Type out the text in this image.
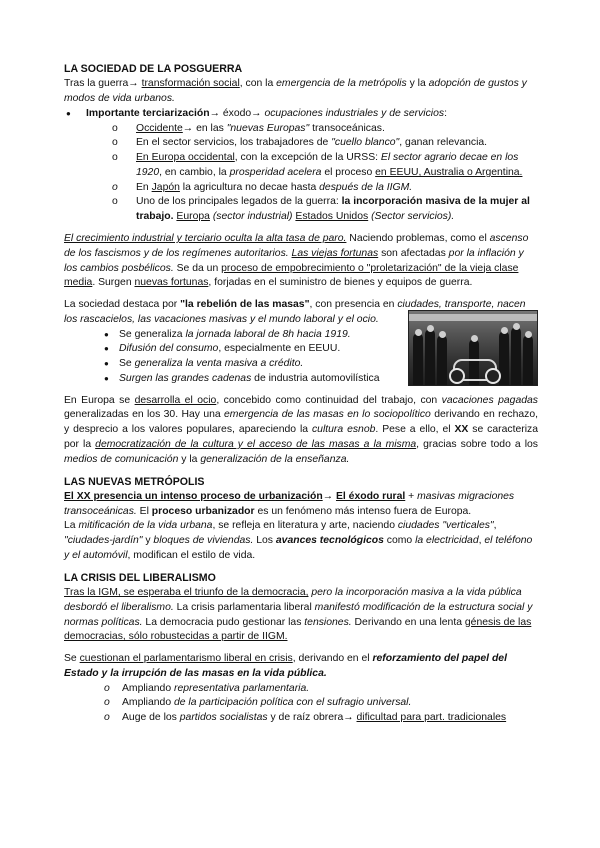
LA SOCIEDAD DE LA POSGUERRA

Tras la guerra→ transformación social, con la emergencia de la metrópolis y la adopción de gustos y modos de vida urbanos.

● Importante terciarización→ éxodo→ ocupaciones industriales y de servicios:
o Occidente→ en las "nuevas Europas" transoceánicas.
o En el sector servicios, los trabajadores de "cuello blanco", ganan relevancia.
o En Europa occidental, con la excepción de la URSS: El sector agrario decae en los 1920, en cambio, la prosperidad acelera el proceso en EEUU, Australia o Argentina.
o En Japón la agricultura no decae hasta después de la IIGM.
o Uno de los principales legados de la guerra: la incorporación masiva de la mujer al trabajo. Europa (sector industrial) Estados Unidos (Sector servicios).

El crecimiento industrial y terciario oculta la alta tasa de paro. Naciendo problemas, como el ascenso de los fascismos y de los regímenes autoritarios. Las viejas fortunas son afectadas por la inflación y los cambios posbélicos. Se da un proceso de empobrecimiento o "proletarización" de la vieja clase media. Surgen nuevas fortunas, forjadas en el suministro de bienes y equipos de guerra.

La sociedad destaca por "la rebelión de las masas", con presencia en ciudades, transporte, nacen los rascacielos, las vacaciones masivas y el mundo laboral y el ocio.

● Se generaliza la jornada laboral de 8h hacia 1919.
● Difusión del consumo, especialmente en EEUU.
● Se generaliza la venta masiva a crédito.
● Surgen las grandes cadenas de industria automovilística

En Europa se desarrolla el ocio, concebido como continuidad del trabajo, con vacaciones pagadas generalizadas en los 30. Hay una emergencia de las masas en lo sociopolítico derivando en rechazo, y desprecio a los valores populares, apareciendo la cultura esnob. Pese a ello, el XX se caracteriza por la democratización de la cultura y el acceso de las masas a la misma, gracias sobre todo a los medios de comunicación y la generalización de la enseñanza.

LAS NUEVAS METRÓPOLIS

El XX presencia un intenso proceso de urbanización→ El éxodo rural + masivas migraciones transoceánicas. El proceso urbanizador es un fenómeno más intenso fuera de Europa.

La mitificación de la vida urbana, se refleja en literatura y arte, naciendo ciudades "verticales", "ciudades-jardín" y bloques de viviendas. Los avances tecnológicos como la electricidad, el teléfono y el automóvil, modifican el estilo de vida.

LA CRISIS DEL LIBERALISMO

Tras la IGM, se esperaba el triunfo de la democracia, pero la incorporación masiva a la vida pública desbordó el liberalismo. La crisis parlamentaria liberal manifestó modificación de la estructura social y normas políticas. La democracia pudo gestionar las tensiones. Derivando en una lenta génesis de las democracias, sólo robustecidas a partir de IIGM.

Se cuestionan el parlamentarismo liberal en crisis, derivando en el reforzamiento del papel del Estado y la irrupción de las masas en la vida pública.

o Ampliando representativa parlamentaria.
o Ampliando de la participación política con el sufragio universal.
o Auge de los partidos socialistas y de raíz obrera→ dificultad para part. tradicionales
